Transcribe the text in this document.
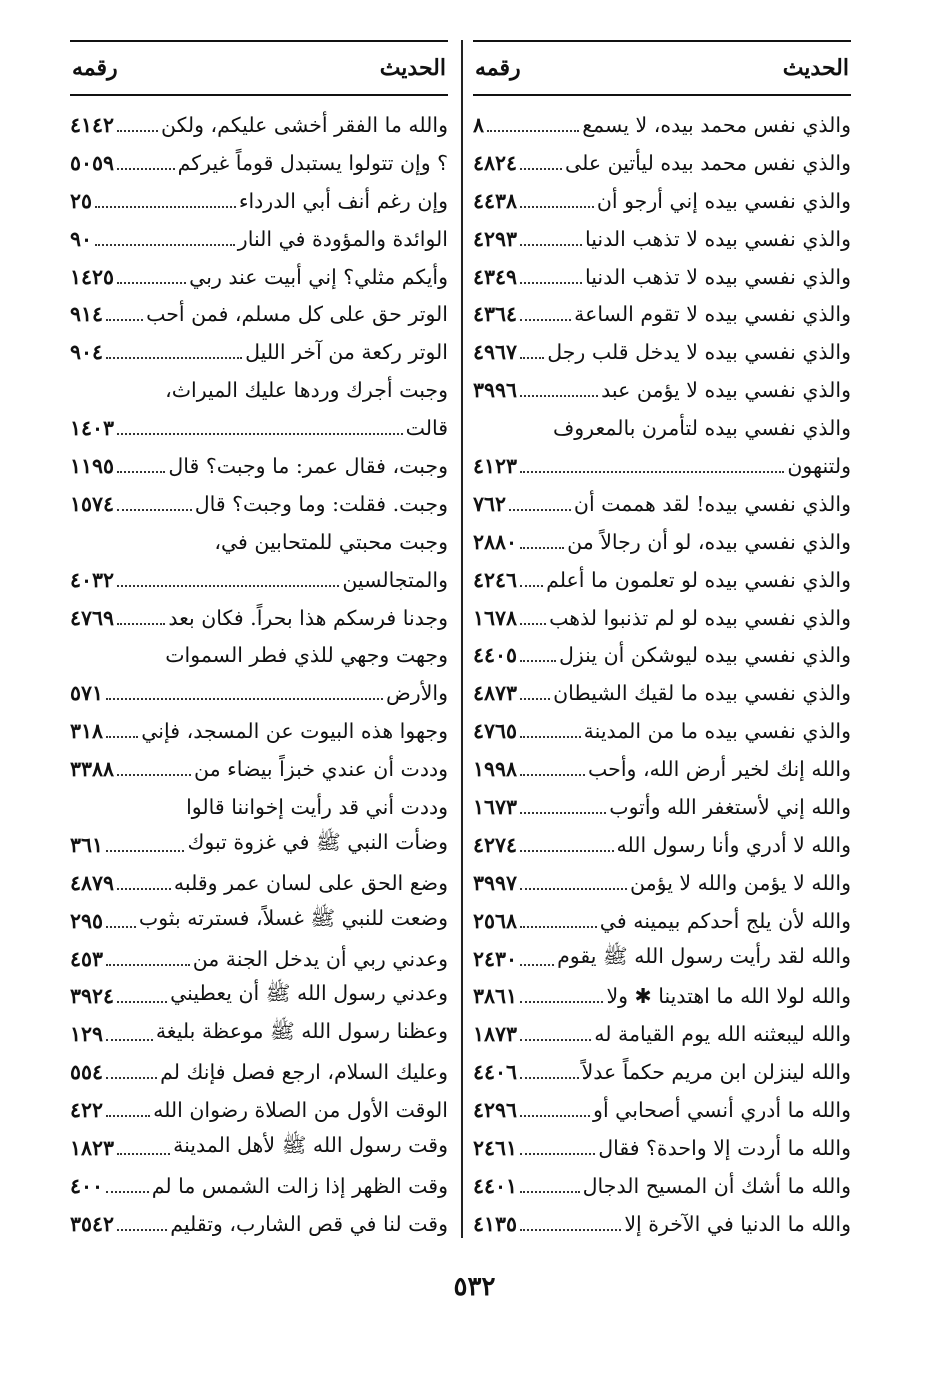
الحديث
رقمه
والذي نفس محمد بيده، لا يسمع
٨
والذي نفس محمد بيده ليأتين على
٤٨٢٤
والذي نفسي بيده إني أرجو أن
٤٤٣٨
والذي نفسي بيده لا تذهب الدنيا
٤٢٩٣
والذي نفسي بيده لا تذهب الدنيا
٤٣٤٩
والذي نفسي بيده لا تقوم الساعة
٤٣٦٤
والذي نفسي بيده لا يدخل قلب رجل
٤٩٦٧
والذي نفسي بيده لا يؤمن عبد
٣٩٩٦
والذي نفسي بيده لتأمرن بالمعروف
ولتنهون
٤١٢٣
والذي نفسي بيده! لقد هممت أن
٧٦٢
والذي نفسي بيده، لو أن رجالاً من
٢٨٨٠
والذي نفسي بيده لو تعلمون ما أعلم
٤٢٤٦
والذي نفسي بيده لو لم تذنبوا لذهب
١٦٧٨
والذي نفسي بيده ليوشكن أن ينزل
٤٤٠٥
والذي نفسي بيده ما لقيك الشيطان
٤٨٧٣
والذي نفسي بيده ما من المدينة
٤٧٦٥
والله إنك لخير أرض الله، وأحب
١٩٩٨
والله إني لأستغفر الله وأتوب
١٦٧٣
والله لا أدري وأنا رسول الله
٤٢٧٤
والله لا يؤمن والله لا يؤمن
٣٩٩٧
والله لأن يلج أحدكم بيمينه في
٢٥٦٨
والله لقد رأيت رسول الله ﷺ يقوم
٢٤٣٠
والله لولا الله ما اهتدينا ✱ ولا
٣٨٦١
والله ليبعثنه الله يوم القيامة له
١٨٧٣
والله لينزلن ابن مريم حكماً عدلاً
٤٤٠٦
والله ما أدري أنسي أصحابي أو
٤٢٩٦
والله ما أردت إلا واحدة؟ فقال
٢٤٦١
والله ما أشك أن المسيح الدجال
٤٤٠١
والله ما الدنيا في الآخرة إلا
٤١٣٥
الحديث
رقمه
والله ما الفقر أخشى عليكم، ولكن
٤١٤٢
؟ وإن تتولوا يستبدل قوماً غيركم
٥٠٥٩
وإن رغم أنف أبي الدرداء
٢٥
الوائدة والمؤودة في النار
٩٠
وأيكم مثلي؟ إني أبيت عند ربي
١٤٢٥
الوتر حق على كل مسلم، فمن أحب
٩١٤
الوتر ركعة من آخر الليل
٩٠٤
وجبت أجرك وردها عليك الميراث،
قالت
١٤٠٣
وجبت، فقال عمر: ما وجبت؟ قال
١١٩٥
وجبت. فقلت: وما وجبت؟ قال
١٥٧٤
وجبت محبتي للمتحابين في،
والمتجالسين
٤٠٣٢
وجدنا فرسكم هذا بحراً. فكان بعد
٤٧٦٩
وجهت وجهي للذي فطر السموات
والأرض
٥٧١
وجهوا هذه البيوت عن المسجد، فإني
٣١٨
وددت أن عندي خبزاً بيضاء من
٣٣٨٨
وددت أني قد رأيت إخواننا قالوا
وضأت النبي ﷺ في غزوة تبوك
٣٦١
وضع الحق على لسان عمر وقلبه
٤٨٧٩
وضعت للنبي ﷺ غسلاً، فسترته بثوب
٢٩٥
وعدني ربي أن يدخل الجنة من
٤٥٣
وعدني رسول الله ﷺ أن يعطيني
٣٩٢٤
وعظنا رسول الله ﷺ موعظة بليغة
١٢٩
وعليك السلام، ارجع فصل فإنك لم
٥٥٤
الوقت الأول من الصلاة رضوان الله
٤٢٢
وقت رسول الله ﷺ لأهل المدينة
١٨٢٣
وقت الظهر إذا زالت الشمس ما لم
٤٠٠
وقت لنا في قص الشارب، وتقليم
٣٥٤٢
٥٣٢
